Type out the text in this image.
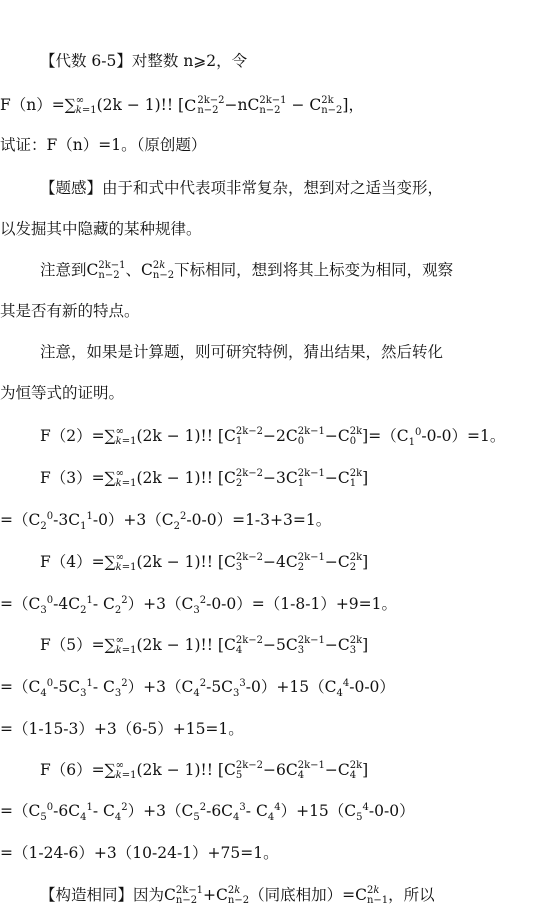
【代数 6-5】对整数 n⩾2，令
F（n）=∑ ∞
k=1 (2k − 1)!! [ C 2k−2
n−2 −nC 2k−1
n−2 − C 2k
n−2 ]，
试证：F（n）=1。（原创题）
【题感】由于和式中代表项非常复杂，想到对之适当变形，
以发掘其中隐藏的某种规律。
注意到C 2k−1
n−2 、C 2k
n−2 下标相同，想到将其上标变为相同，观察
其是否有新的特点。
注意，如果是计算题，则可研究特例，猜出结果，然后转化
为恒等式的证明。
F（2）=∑ ∞
k=1 (2k − 1)!! [C 2k−2
1	−2C 2k−1
0	−C 2k
0 ]$=(C_1^0-0-0)=1$。
F（3）=∑ ∞
k=1 (2k − 1)!! [C 2k−2
2	−3C 2k−1
1	−C 2k
1 ]
$=(C_2^0-3C_1^1-0)+3(C_2^2-0-0)=1-3+3=1$。
F（4）=∑ ∞
k=1 (2k − 1)!! [C 2k−2
3	−4C 2k−1
2	−C 2k
2 ]
$=(C_3^0-4C_2^1-$ $C_2^2)+3(C_3^2-0-0)=(1-8-1)+9=1$。
F（5）=∑ ∞
k=1 (2k − 1)!! [C 2k−2
4	−5C 2k−1
3	−C 2k
3 ]
$=(C_4^0-5C_3^1-$ $C_3^2)+3(C_4^2-5C_3^3-0)+15(C_4^4-0-0)$
=（1-15-3）+3（6-5）+15=1。
F（6）=∑ ∞
k=1 (2k − 1)!! [C 2k−2
5	−6C 2k−1
4	−C 2k
4 ]
$=(C_5^0-6C_4^1-$ $C_4^2)+3(C_5^2-6C_4^3-$ $C_4^4)+15(C_5^4-0-0)$
=（1-24-6）+3（10-24-1）+75=1。
【构造相同】因为C 2k−1
n−2 +C 2k
n−2 （同底相加）=C 2k
n−1 ，所以
